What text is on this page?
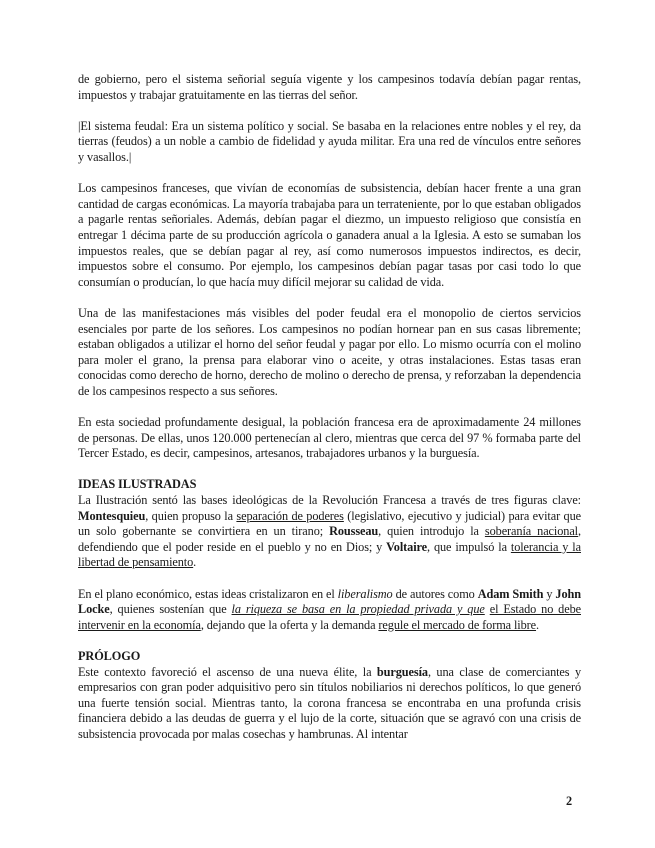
de gobierno, pero el sistema señorial seguía vigente y los campesinos todavía debían pagar rentas, impuestos y trabajar gratuitamente en las tierras del señor.

|El sistema feudal: Era un sistema político y social. Se basaba en la relaciones entre nobles y el rey, da tierras (feudos) a un noble a cambio de fidelidad y ayuda militar. Era una red de vínculos entre señores y vasallos.|

Los campesinos franceses, que vivían de economías de subsistencia, debían hacer frente a una gran cantidad de cargas económicas. La mayoría trabajaba para un terrateniente, por lo que estaban obligados a pagarle rentas señoriales. Además, debían pagar el diezmo, un impuesto religioso que consistía en entregar 1 décima parte de su producción agrícola o ganadera anual a la Iglesia. A esto se sumaban los impuestos reales, que se debían pagar al rey, así como numerosos impuestos indirectos, es decir, impuestos sobre el consumo. Por ejemplo, los campesinos debían pagar tasas por casi todo lo que consumían o producían, lo que hacía muy difícil mejorar su calidad de vida.

Una de las manifestaciones más visibles del poder feudal era el monopolio de ciertos servicios esenciales por parte de los señores. Los campesinos no podían hornear pan en sus casas libremente; estaban obligados a utilizar el horno del señor feudal y pagar por ello. Lo mismo ocurría con el molino para moler el grano, la prensa para elaborar vino o aceite, y otras instalaciones. Estas tasas eran conocidas como derecho de horno, derecho de molino o derecho de prensa, y reforzaban la dependencia de los campesinos respecto a sus señores.

En esta sociedad profundamente desigual, la población francesa era de aproximadamente 24 millones de personas. De ellas, unos 120.000 pertenecían al clero, mientras que cerca del 97 % formaba parte del Tercer Estado, es decir, campesinos, artesanos, trabajadores urbanos y la burguesía.

IDEAS ILUSTRADAS

La Ilustración sentó las bases ideológicas de la Revolución Francesa a través de tres figuras clave: Montesquieu, quien propuso la separación de poderes (legislativo, ejecutivo y judicial) para evitar que un solo gobernante se convirtiera en un tirano; Rousseau, quien introdujo la soberanía nacional, defendiendo que el poder reside en el pueblo y no en Dios; y Voltaire, que impulsó la tolerancia y la libertad de pensamiento.

En el plano económico, estas ideas cristalizaron en el liberalismo de autores como Adam Smith y John Locke, quienes sostenían que la riqueza se basa en la propiedad privada y que el Estado no debe intervenir en la economía, dejando que la oferta y la demanda regule el mercado de forma libre.

PRÓLOGO

Este contexto favoreció el ascenso de una nueva élite, la burguesía, una clase de comerciantes y empresarios con gran poder adquisitivo pero sin títulos nobiliarios ni derechos políticos, lo que generó una fuerte tensión social. Mientras tanto, la corona francesa se encontraba en una profunda crisis financiera debido a las deudas de guerra y el lujo de la corte, situación que se agravó con una crisis de subsistencia provocada por malas cosechas y hambrunas. Al intentar

2
